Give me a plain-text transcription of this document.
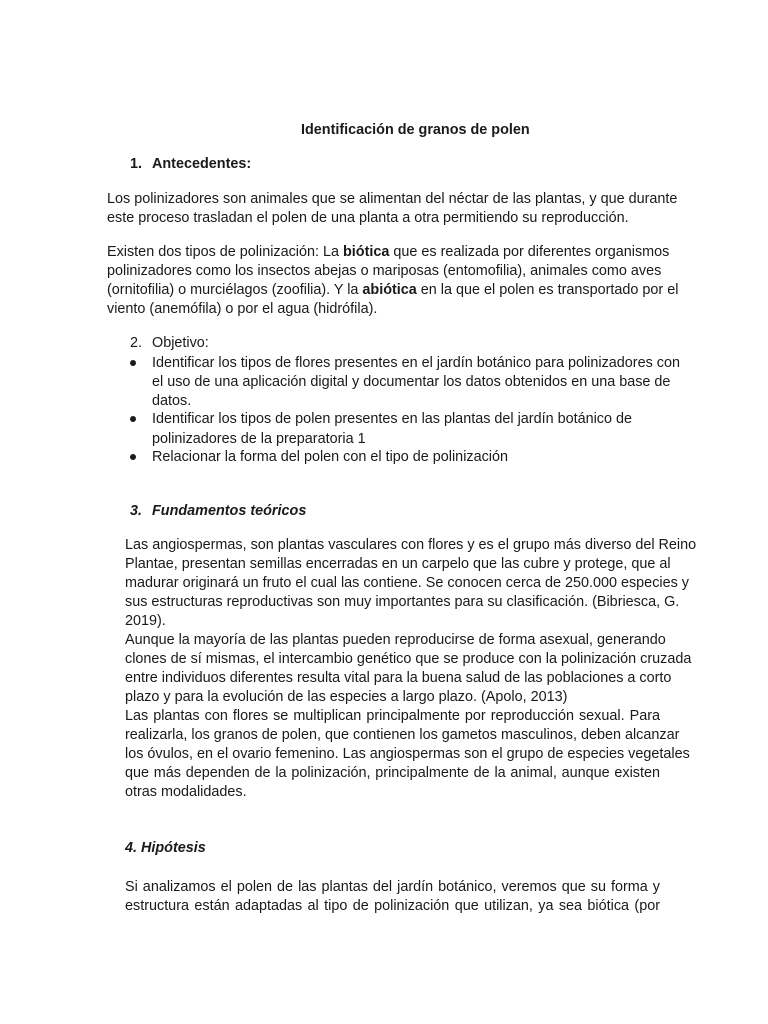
Identificación de granos de polen

1. Antecedentes:

Los polinizadores son animales que se alimentan del néctar de las plantas, y que durante

este proceso trasladan el polen de una planta a otra permitiendo su reproducción.

Existen dos tipos de polinización: La biótica que es realizada por diferentes organismos

polinizadores como los insectos abejas o mariposas (entomofilia), animales como aves

(ornitofilia) o murciélagos (zoofilia). Y la abiótica en la que el polen es transportado por el

viento (anemófila) o por el agua (hidrófila).

2. Objetivo:

Identificar los tipos de flores presentes en el jardín botánico para polinizadores con

el uso de una aplicación digital y documentar los datos obtenidos en una base de

datos.

Identificar los tipos de polen presentes en las plantas del jardín botánico de

polinizadores de la preparatoria 1

Relacionar la forma del polen con el tipo de polinización

3. Fundamentos teóricos

Las angiospermas, son plantas vasculares con flores y es el grupo más diverso del Reino

Plantae, presentan semillas encerradas en un carpelo que las cubre y protege, que al

madurar originará un fruto el cual las contiene. Se conocen cerca de 250.000 especies y

sus estructuras reproductivas son muy importantes para su clasificación. (Bibriesca, G.

2019).

Aunque la mayoría de las plantas pueden reproducirse de forma asexual, generando

clones de sí mismas, el intercambio genético que se produce con la polinización cruzada

entre individuos diferentes resulta vital para la buena salud de las poblaciones a corto

plazo y para la evolución de las especies a largo plazo. (Apolo, 2013)

Las plantas con flores se multiplican principalmente por reproducción sexual. Para

realizarla, los granos de polen, que contienen los gametos masculinos, deben alcanzar

los óvulos, en el ovario femenino. Las angiospermas son el grupo de especies vegetales

que más dependen de la polinización, principalmente de la animal, aunque existen

otras modalidades.

4. Hipótesis

Si analizamos el polen de las plantas del jardín botánico, veremos que su forma y

estructura están adaptadas al tipo de polinización que utilizan, ya sea biótica (por
